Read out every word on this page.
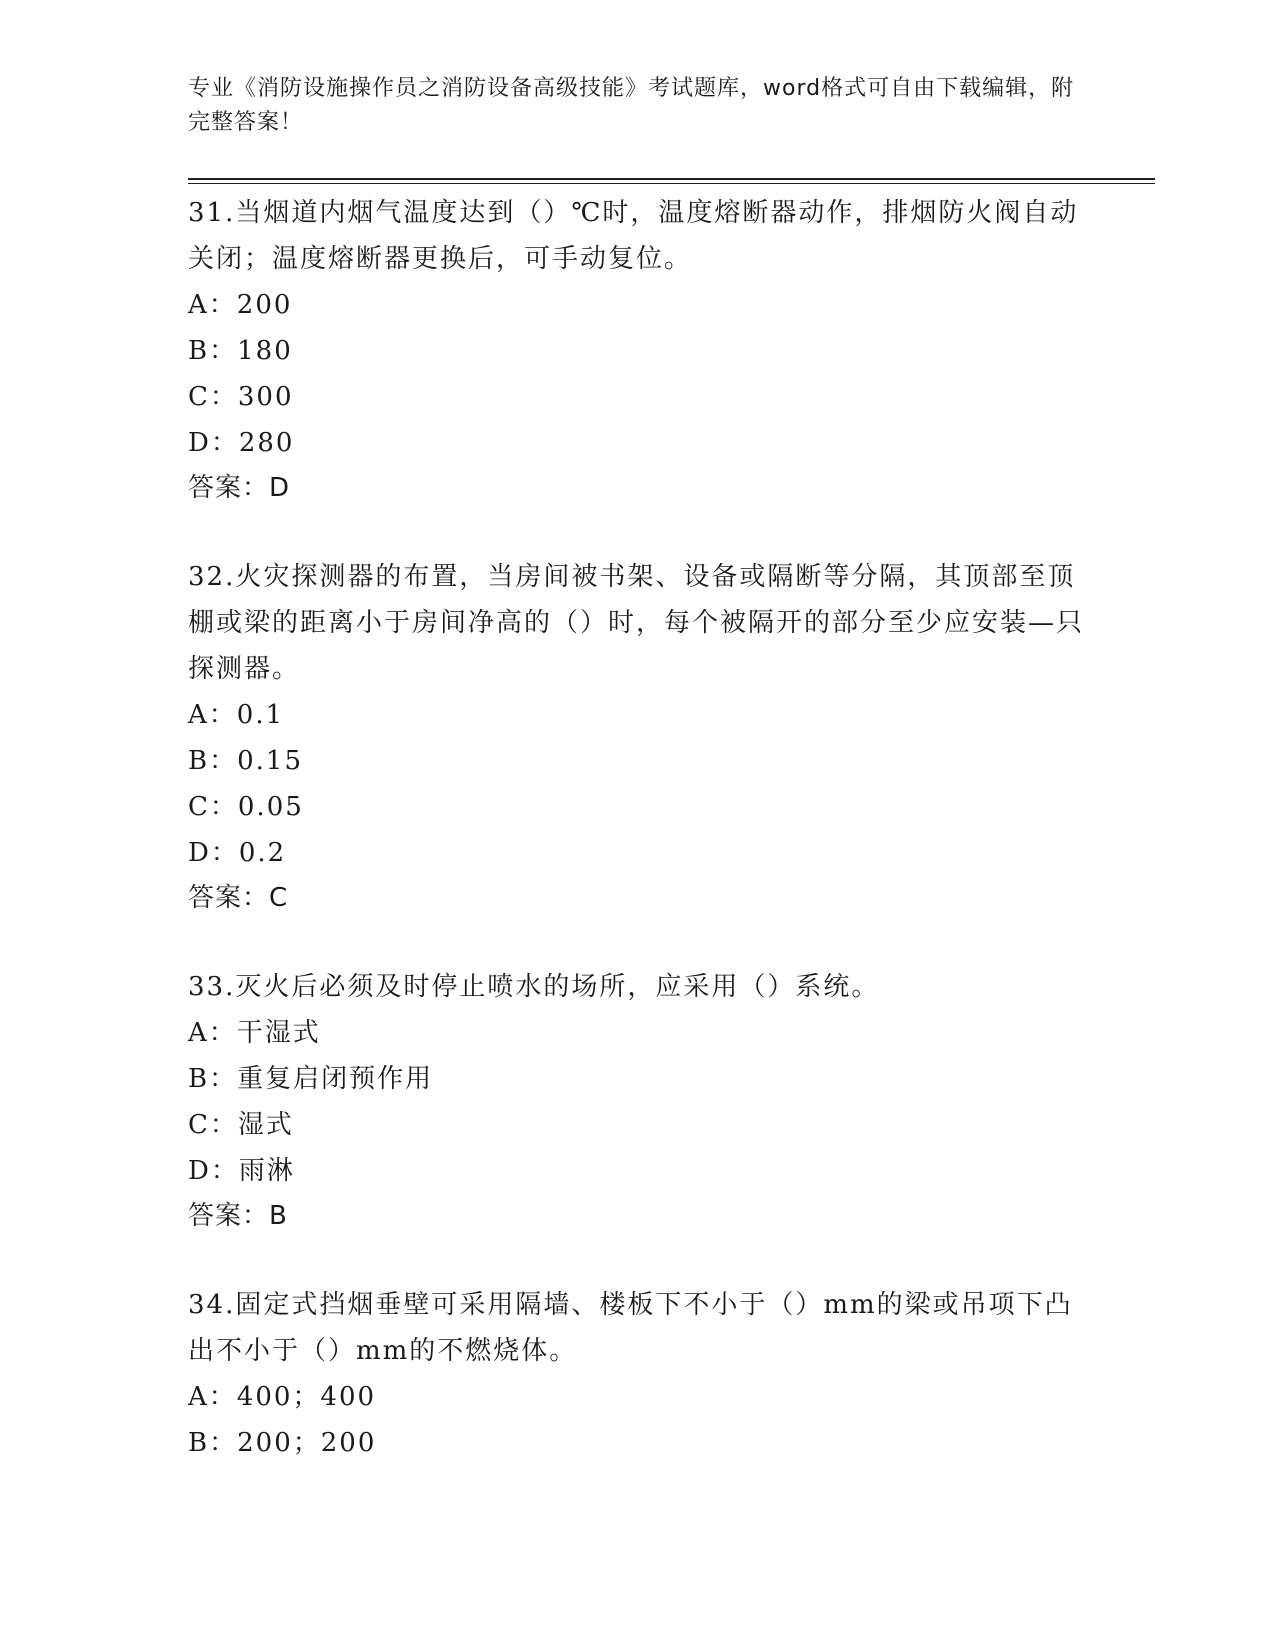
专业《消防设施操作员之消防设备高级技能》考试题库，word格式可自由下载编辑，附完整答案！
31.当烟道内烟气温度达到（）℃时，温度熔断器动作，排烟防火阀自动关闭；温度熔断器更换后，可手动复位。
A：200
B：180
C：300
D：280
答案：D
32.火灾探测器的布置，当房间被书架、设备或隔断等分隔，其顶部至顶棚或梁的距离小于房间净高的（）时，每个被隔开的部分至少应安装—只探测器。
A：0.1
B：0.15
C：0.05
D：0.2
答案：C
33.灭火后必须及时停止喷水的场所，应采用（）系统。
A：干湿式
B：重复启闭预作用
C：湿式
D：雨淋
答案：B
34.固定式挡烟垂壁可采用隔墙、楼板下不小于（）mm的梁或吊项下凸出不小于（）mm的不燃烧体。
A：400；400
B：200；200
